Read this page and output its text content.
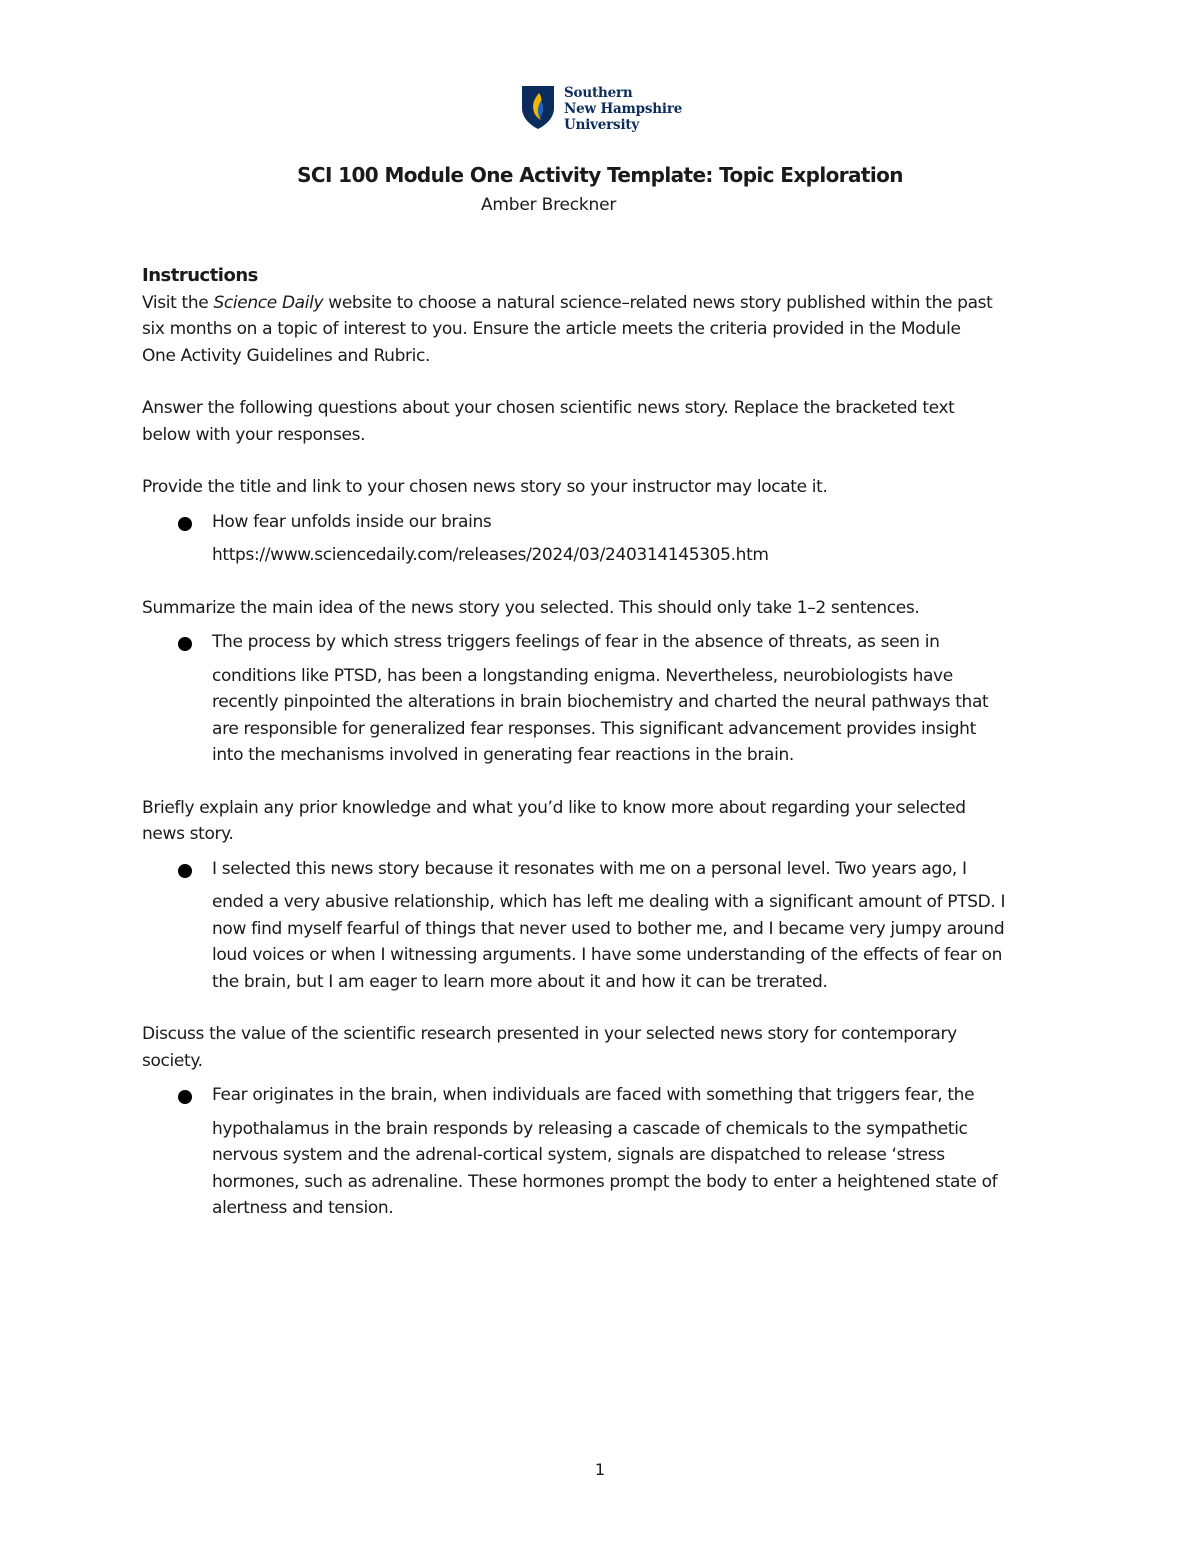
Southern
New Hampshire
University
SCI 100 Module One Activity Template: Topic Exploration
Amber Breckner

Instructions

Visit the Science Daily website to choose a natural science–related news story published within the past

six months on a topic of interest to you. Ensure the article meets the criteria provided in the Module

One Activity Guidelines and Rubric.

Answer the following questions about your chosen scientific news story. Replace the bracketed text

below with your responses.

Provide the title and link to your chosen news story so your instructor may locate it.

How fear unfolds inside our brains

https://www.sciencedaily.com/releases/2024/03/240314145305.htm

Summarize the main idea of the news story you selected. This should only take 1–2 sentences.

The process by which stress triggers feelings of fear in the absence of threats, as seen in

conditions like PTSD, has been a longstanding enigma. Nevertheless, neurobiologists have

recently pinpointed the alterations in brain biochemistry and charted the neural pathways that

are responsible for generalized fear responses. This significant advancement provides insight

into the mechanisms involved in generating fear reactions in the brain.

Briefly explain any prior knowledge and what you’d like to know more about regarding your selected

news story.

I selected this news story because it resonates with me on a personal level. Two years ago, I

ended a very abusive relationship, which has left me dealing with a significant amount of PTSD. I

now find myself fearful of things that never used to bother me, and I became very jumpy around

loud voices or when I witnessing arguments. I have some understanding of the effects of fear on

the brain, but I am eager to learn more about it and how it can be trerated.

Discuss the value of the scientific research presented in your selected news story for contemporary

society.

Fear originates in the brain, when individuals are faced with something that triggers fear, the

hypothalamus in the brain responds by releasing a cascade of chemicals to the sympathetic

nervous system and the adrenal-cortical system, signals are dispatched to release ‘stress

hormones, such as adrenaline. These hormones prompt the body to enter a heightened state of

alertness and tension.

1
